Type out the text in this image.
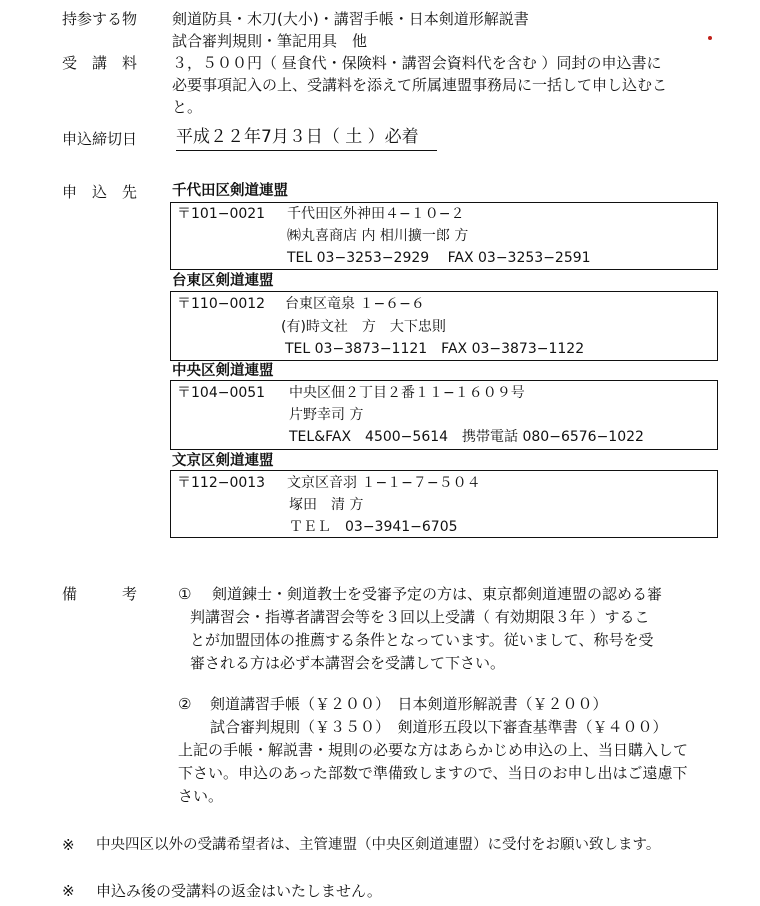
持参する物 剣道防具・木刀(大小)・講習手帳・日本剣道形解説書
試合審判規則・筆記用具　他
受　講　料 ３，５００円（ 昼食代・保険料・講習会資料代を含む ）同封の申込書に
必要事項記入の上、受講料を添えて所属連盟事務局に一括して申し込むこ
と。
申込締切日 平成２２年7月３日（ 土 ）必着
申　込　先 千代田区剣道連盟
〒101−0021 千代田区外神田４−１０−２
㈱丸喜商店 内 相川擴一郎 方
TEL 03−3253−2929　 FAX 03−3253−2591
台東区剣道連盟
〒110−0012 台東区竜泉 １−６−６
(有)時文社　方　大下忠則
TEL 03−3873−1121　FAX 03−3873−1122
中央区剣道連盟
〒104−0051 中央区佃２丁目２番１１−１６０９号
片野幸司 方
TEL&FAX　4500−5614　携帯電話 080−6576−1022
文京区剣道連盟
〒112−0013 文京区音羽 １−１−７−５０４
塚田　清 方
ＴＥＬ　03−3941−6705
備　　　考	① 剣道錬士・剣道教士を受審予定の方は、東京都剣道連盟の認める審
判講習会・指導者講習会等を３回以上受講（ 有効期限３年 ）するこ
とが加盟団体の推薦する条件となっています。従いまして、称号を受
審される方は必ず本講習会を受講して下さい。
② 剣道講習手帳（￥２００）　日本剣道形解説書（￥２００）
試合審判規則（￥３５０）　剣道形五段以下審査基準書（￥４００）
上記の手帳・解説書・規則の必要な方はあらかじめ申込の上、当日購入して
下さい。申込のあった部数で準備致しますので、当日のお申し出はご遠慮下
さい。
※ 中央四区以外の受講希望者は、主管連盟（中央区剣道連盟）に受付をお願い致します。
※ 申込み後の受講料の返金はいたしません。
